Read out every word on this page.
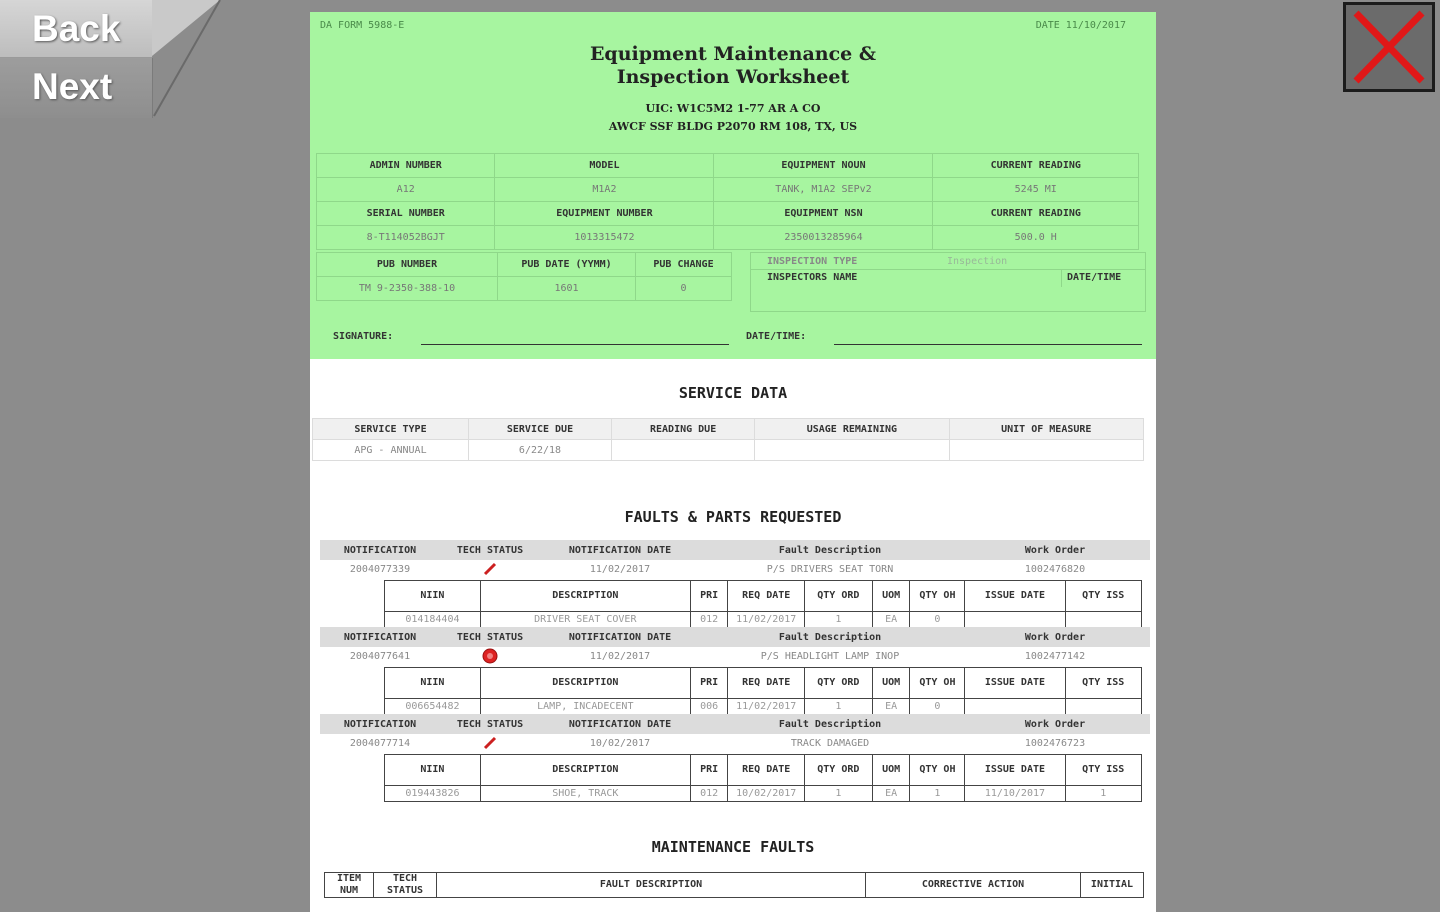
Back
Next
DA FORM 5988-E	DATE 11/10/2017
Equipment Maintenance &
Inspection Worksheet
UIC: W1C5M2 1-77 AR A CO
AWCF SSF BLDG P2070 RM 108, TX, US
ADMIN NUMBER	MODEL	EQUIPMENT NOUN	CURRENT READING
A12	M1A2	TANK, M1A2 SEPv2	5245 MI
SERIAL NUMBER	EQUIPMENT NUMBER	EQUIPMENT NSN	CURRENT READING
8-T114052BGJT	1013315472	2350013285964	500.0 H
PUB NUMBER	PUB DATE (YYMM)	PUB CHANGE
TM 9-2350-388-10	1601	0
INSPECTION TYPE	Inspection
INSPECTORS NAME	DATE/TIME
SIGNATURE:	DATE/TIME:
SERVICE DATA
SERVICE TYPE	SERVICE DUE	READING DUE	USAGE REMAINING	UNIT OF MEASURE
APG - ANNUAL	6/22/18			
FAULTS & PARTS REQUESTED
NOTIFICATION	TECH STATUS	NOTIFICATION DATE	Fault Description	Work Order
2004077339		11/02/2017	P/S DRIVERS SEAT TORN	1002476820
NIIN	DESCRIPTION	PRI	REQ DATE	QTY ORD	UOM	QTY OH	ISSUE DATE	QTY ISS
014184404	DRIVER SEAT COVER	012	11/02/2017	1	EA	0		
NOTIFICATION	TECH STATUS	NOTIFICATION DATE	Fault Description	Work Order
2004077641		11/02/2017	P/S HEADLIGHT LAMP INOP	1002477142
NIIN	DESCRIPTION	PRI	REQ DATE	QTY ORD	UOM	QTY OH	ISSUE DATE	QTY ISS
006654482	LAMP, INCADECENT	006	11/02/2017	1	EA	0		
NOTIFICATION	TECH STATUS	NOTIFICATION DATE	Fault Description	Work Order
2004077714		10/02/2017	TRACK DAMAGED	1002476723
NIIN	DESCRIPTION	PRI	REQ DATE	QTY ORD	UOM	QTY OH	ISSUE DATE	QTY ISS
019443826	SHOE, TRACK	012	10/02/2017	1	EA	1	11/10/2017	1
MAINTENANCE FAULTS
ITEM NUM	TECH STATUS	FAULT DESCRIPTION	CORRECTIVE ACTION	INITIAL
